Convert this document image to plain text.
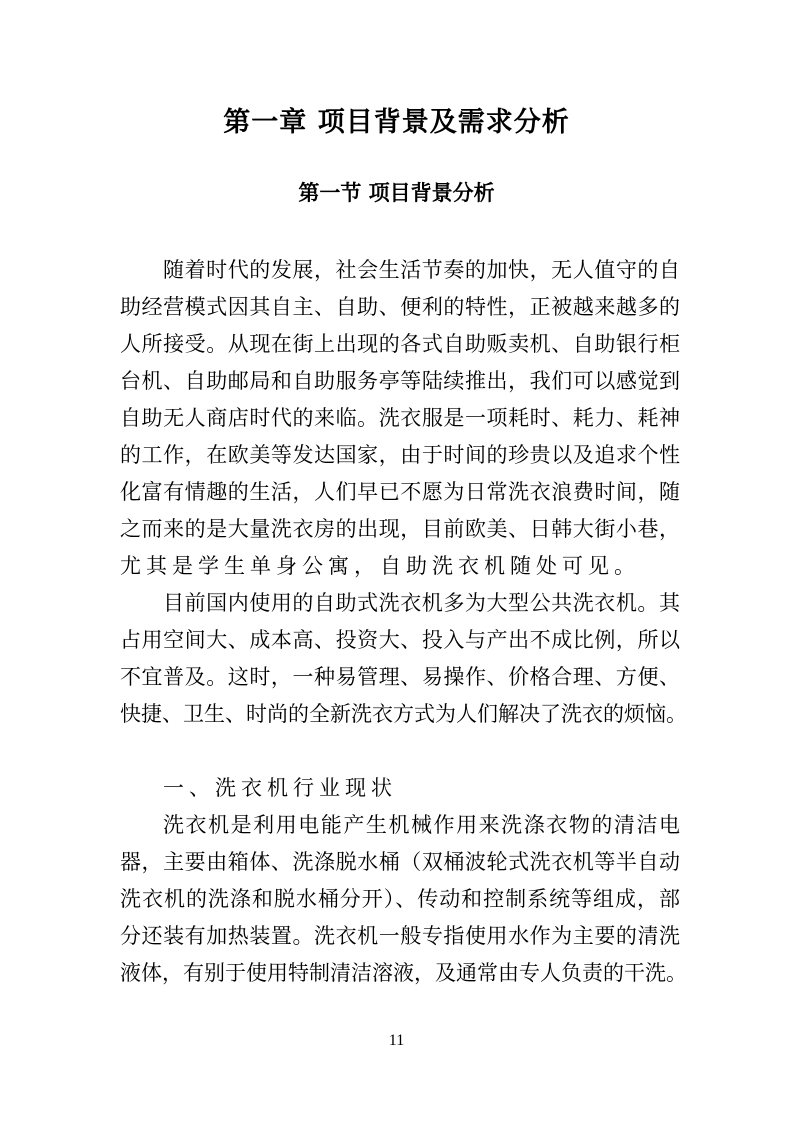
第一章 项目背景及需求分析
第一节 项目背景分析
随着时代的发展，社会生活节奏的加快，无人值守的自
助经营模式因其自主、自助、便利的特性，正被越来越多的
人所接受。从现在街上出现的各式自助贩卖机、自助银行柜
台机、自助邮局和自助服务亭等陆续推出，我们可以感觉到
自助无人商店时代的来临。洗衣服是一项耗时、耗力、耗神
的工作，在欧美等发达国家，由于时间的珍贵以及追求个性
化富有情趣的生活，人们早已不愿为日常洗衣浪费时间，随
之而来的是大量洗衣房的出现，目前欧美、日韩大街小巷，
尤其是学生单身公寓，自助洗衣机随处可见。
目前国内使用的自助式洗衣机多为大型公共洗衣机。其
占用空间大、成本高、投资大、投入与产出不成比例，所以
不宜普及。这时，一种易管理、易操作、价格合理、方便、
快捷、卫生、时尚的全新洗衣方式为人们解决了洗衣的烦恼。
一、洗衣机行业现状
洗衣机是利用电能产生机械作用来洗涤衣物的清洁电
器，主要由箱体、洗涤脱水桶（双桶波轮式洗衣机等半自动
洗衣机的洗涤和脱水桶分开）、传动和控制系统等组成，部
分还装有加热装置。洗衣机一般专指使用水作为主要的清洗
液体，有别于使用特制清洁溶液，及通常由专人负责的干洗。
11
